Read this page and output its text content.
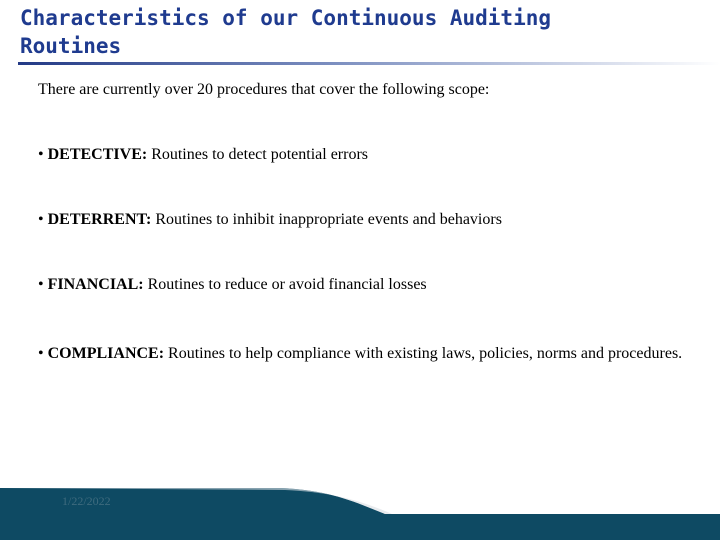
Characteristics of our Continuous Auditing Routines
There are currently over 20 procedures that cover the following scope:
• DETECTIVE: Routines to detect potential errors
• DETERRENT: Routines to inhibit inappropriate events and behaviors
• FINANCIAL: Routines to reduce or avoid financial losses
• COMPLIANCE: Routines to help compliance with existing laws, policies, norms and procedures.
1/22/2022
